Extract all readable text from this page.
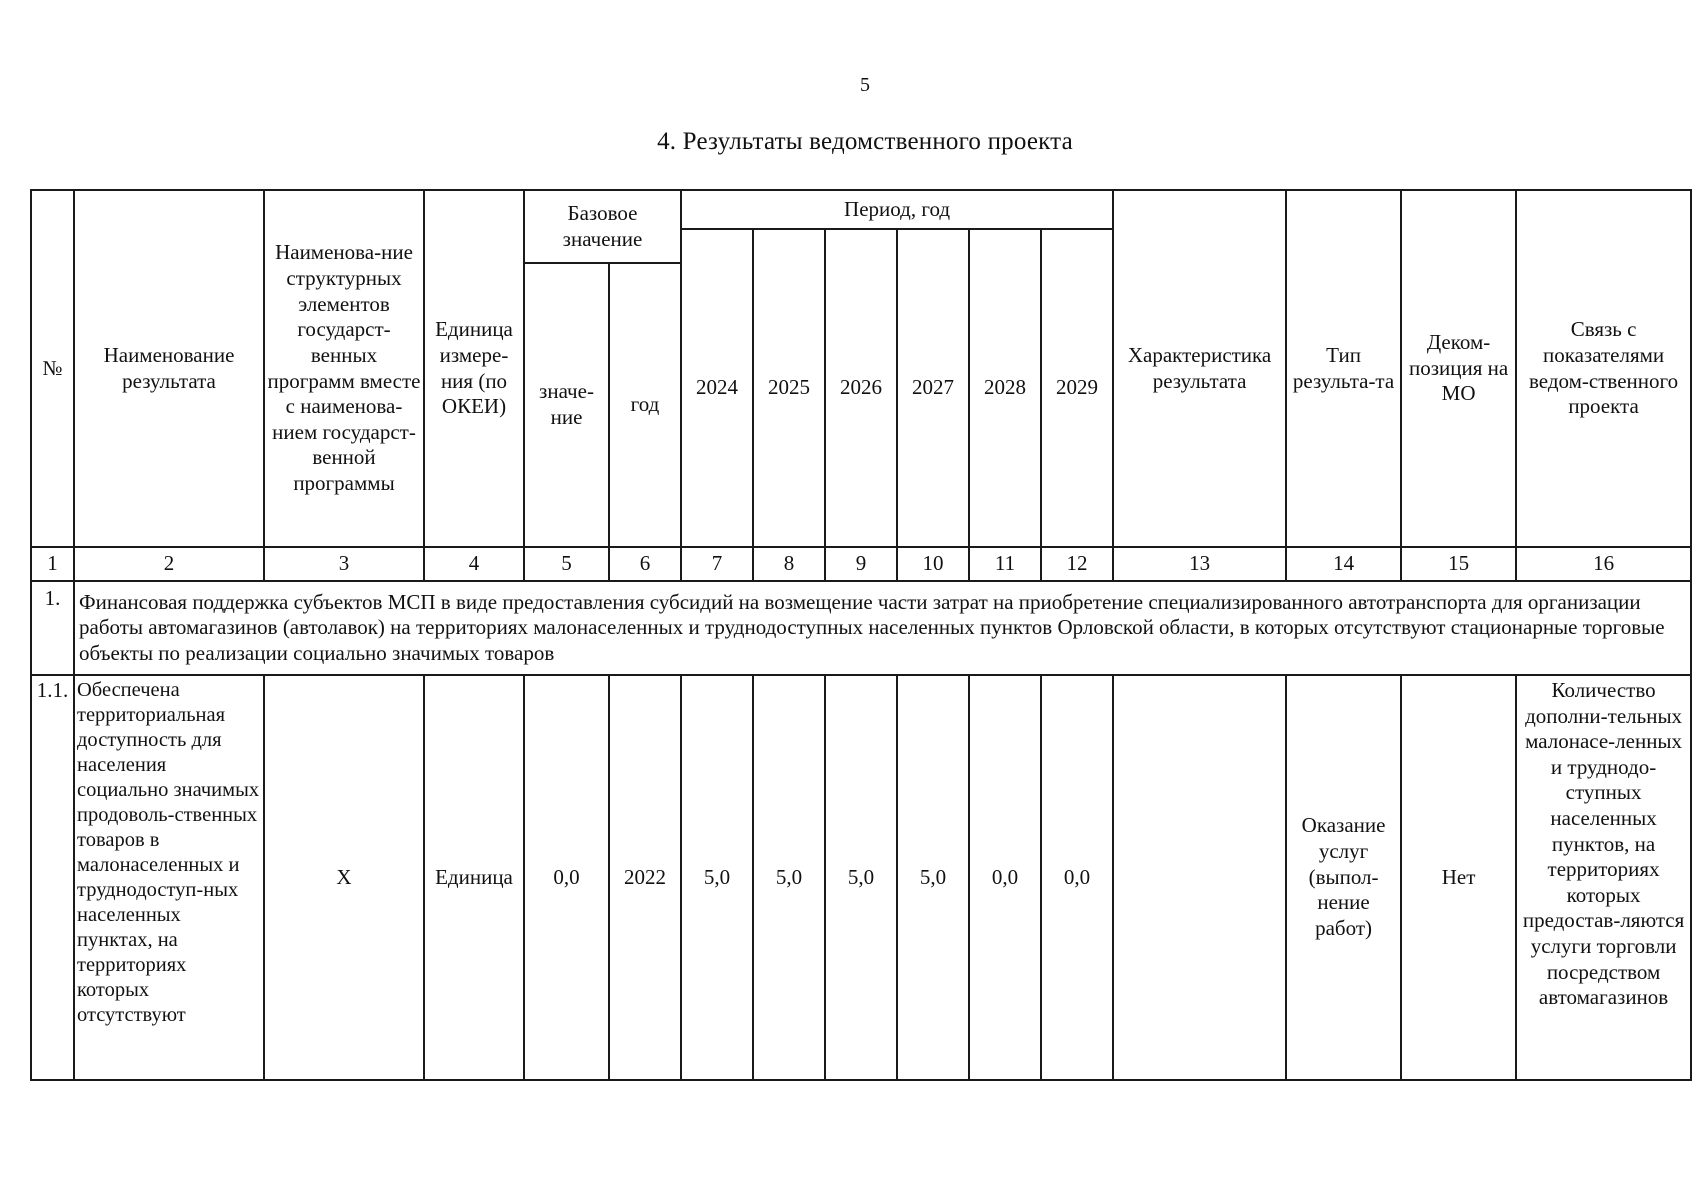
5
4. Результаты ведомственного проекта
№	Наименование результата	Наименова-ние структурных элементов государст-венных программ вместе с наименова-нием государст-венной программы	Единица измере-ния (по ОКЕИ)	Базовое значение		Период, год						Характеристика результата	Тип результа-та	Деком-позиция на МО	Связь с показателями ведом-ственного проекта
						2024	2025	2026	2027	2028	2029				
				значе-ние	год										
1	2	3	4	5	6	7	8	9	10	11	12	13	14	15	16
1.	Финансовая поддержка субъектов МСП в виде предоставления субсидий на возмещение части затрат на приобретение специализированного автотранспорта для организации работы автомагазинов (автолавок) на территориях малонаселенных и труднодоступных населенных пунктов Орловской области, в которых отсутствуют стационарные торговые объекты по реализации социально значимых товаров														
1.1.	Обеспечена территориальная доступность для населения социально значимых продоволь-ственных товаров в малонаселенных и труднодоступ-ных населенных пунктах, на территориях которых отсутствуют	X	Единица	0,0	2022	5,0	5,0	5,0	5,0	0,0	0,0		Оказание услуг (выпол-нение работ)	Нет	Количество дополни-тельных малонасе-ленных и труднодо-ступных населенных пунктов, на территориях которых предостав-ляются услуги торговли посредством автомагазинов
